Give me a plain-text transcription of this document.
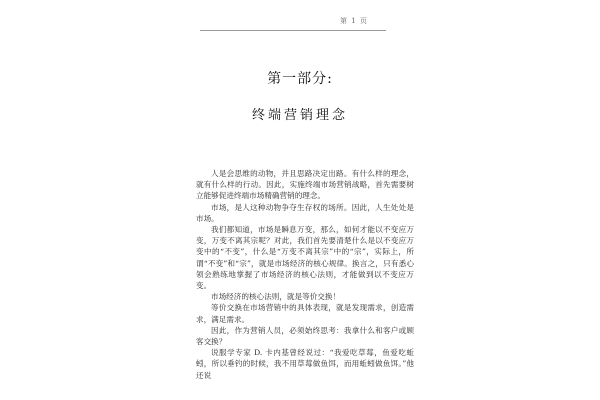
第 1 页
第一部分:
终端营销理念

人是会思维的动物，并且思路决定出路。有什么样的理念，就有什么样的行动。因此，实施终端市场营销战略，首先需要树立能够促进终端市场精确营销的理念。

市场，是人这种动物争夺生存权的场所。因此，人生处处是市场。

我们都知道，市场是瞬息万变，那么，如何才能以不变应万变，万变不离其宗呢？对此，我们首先要清楚什么是以不变应万变中的“不变”，什么是“万变不离其宗”中的“宗”，实际上，所谓“不变”和“宗”，就是市场经济的核心规律。换言之，只有悉心领会熟练地掌握了市场经济的核心法则，才能做到以不变应万变。

市场经济的核心法则，就是等价交换！

等价交换在市场营销中的具体表现，就是发现需求，创造需求，满足需求。

因此，作为营销人员，必须始终思考：我拿什么和客户或顾客交换？

说服学专家 D. 卡内基曾经说过：“我爱吃草莓，鱼爱吃蚯蚓，所以垂钓的时候，我不用草莓做鱼饵，而用蚯蚓做鱼饵。”他还说
